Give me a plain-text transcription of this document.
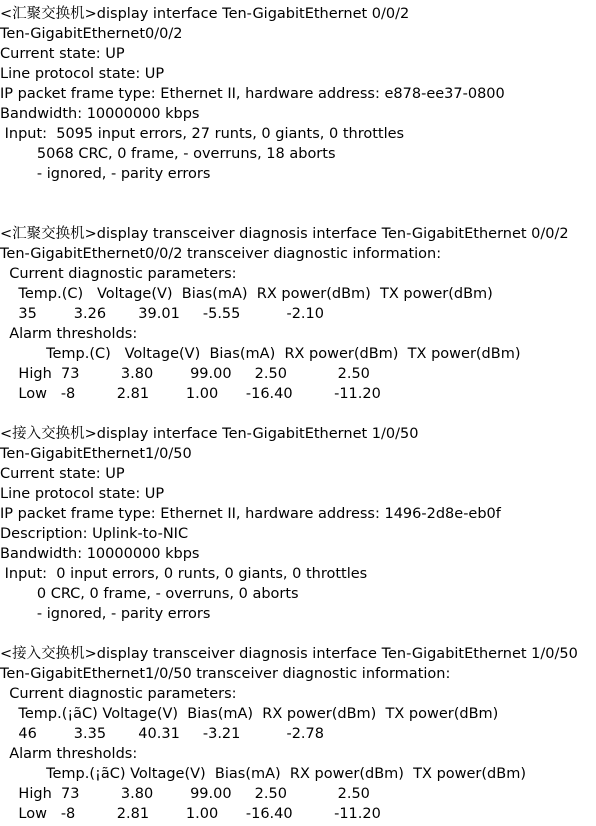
<汇聚交换机>display interface Ten-GigabitEthernet 0/0/2
Ten-GigabitEthernet0/0/2
Current state: UP
Line protocol state: UP
IP packet frame type: Ethernet II, hardware address: e878-ee37-0800
Bandwidth: 10000000 kbps
Input:  5095 input errors, 27 runts, 0 giants, 0 throttles
5068 CRC, 0 frame, - overruns, 18 aborts
- ignored, - parity errors
<汇聚交换机>display transceiver diagnosis interface Ten-GigabitEthernet 0/0/2
Ten-GigabitEthernet0/0/2 transceiver diagnostic information:
Current diagnostic parameters:
Temp.(C)   Voltage(V)  Bias(mA)  RX power(dBm)  TX power(dBm)
35        3.26       39.01     -5.55          -2.10
Alarm thresholds:
Temp.(C)   Voltage(V)  Bias(mA)  RX power(dBm)  TX power(dBm)
High  73         3.80        99.00     2.50           2.50
Low   -8         2.81        1.00      -16.40         -11.20
<接入交换机>display interface Ten-GigabitEthernet 1/0/50
Ten-GigabitEthernet1/0/50
Current state: UP
Line protocol state: UP
IP packet frame type: Ethernet II, hardware address: 1496-2d8e-eb0f
Description: Uplink-to-NIC
Bandwidth: 10000000 kbps
Input:  0 input errors, 0 runts, 0 giants, 0 throttles
0 CRC, 0 frame, - overruns, 0 aborts
- ignored, - parity errors
<接入交换机>display transceiver diagnosis interface Ten-GigabitEthernet 1/0/50
Ten-GigabitEthernet1/0/50 transceiver diagnostic information:
Current diagnostic parameters:
Temp.(¡ãC) Voltage(V)  Bias(mA)  RX power(dBm)  TX power(dBm)
46        3.35       40.31     -3.21          -2.78
Alarm thresholds:
Temp.(¡ãC) Voltage(V)  Bias(mA)  RX power(dBm)  TX power(dBm)
High  73         3.80        99.00     2.50           2.50
Low   -8         2.81        1.00      -16.40         -11.20
